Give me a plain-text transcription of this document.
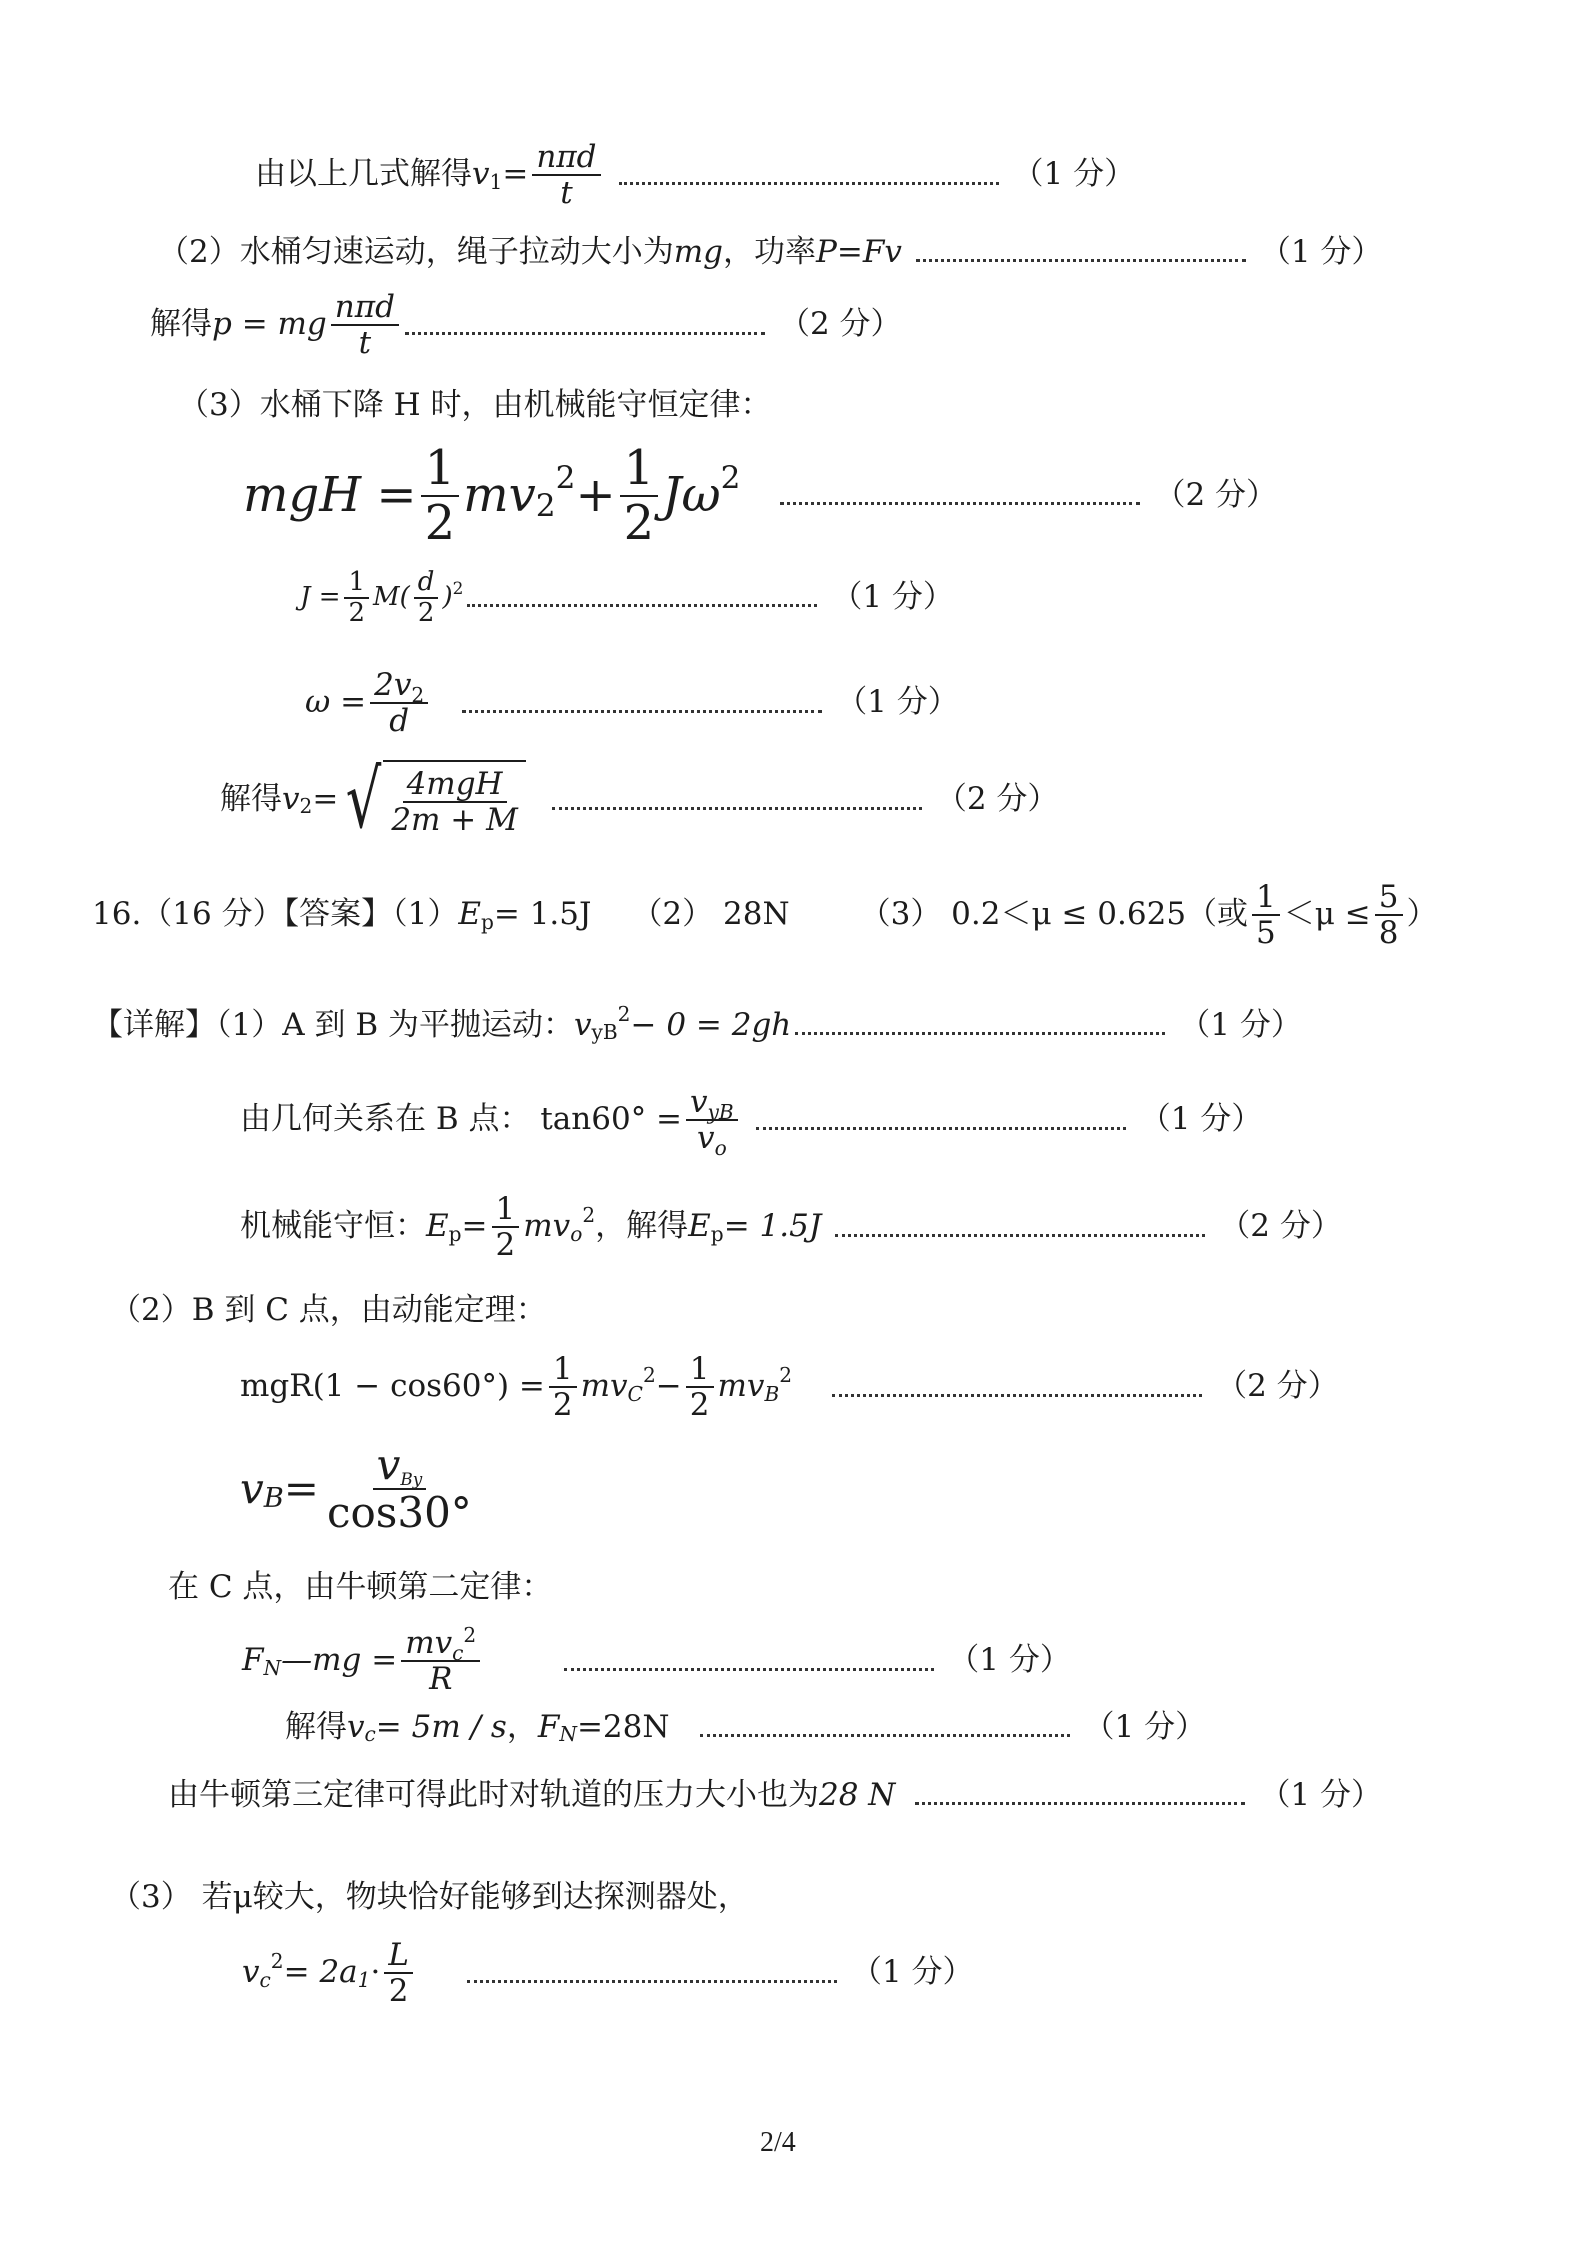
由以上几式解得 v $1 = \frac{\text{nπd}}{t}$	（1 分）
（2）水桶匀速运动，绳子拉动大小为 mg ，功率 P=Fv	（1 分）
解得 p = mg $\frac{\text{nπd}}{t}$	（2 分）
（3）水桶下降 H 时，由机械能守恒定律：
mgH = $\frac{1}{2}$ mv 2
$2 + \frac{1}{2}$ Jω 2	（2 分）
$J = \frac{1}{2} M( \frac{d}{2}$ ) 2	（1 分）
$\omega = \frac{2v_2}{d}$	（1 分）
解得 v 2 = √ $\frac{\text{4mgH}}{2m + M}$	（2 分）
16.（16 分）【答案】（1） E p = 1.5J （2） 28N （3） 0.2＜μ ≤ 0.625（或 $\frac{1}{5} <\mu \le \frac{5}{8}$ ）
【详解】（1）A 到 B 为平抛运动： v yB
2 − 0 = 2gh	（1 分）
由几何关系在 B 点： $\tan 60^\circ = \frac{v_{yB}}{v_o}$	（1 分）
机械能守恒： E $p = \frac{1}{2}$ mv o
2 ，解得 E p = 1.5J	（2 分）
（2）B 到 C 点，由动能定理：
$mgR(1 - \cos 60^\circ) = \frac{1}{2}$ mv C
$2 - \frac{1}{2}$ mv B
2	（2 分）
v $B = \frac{\text{vBy}}{\cos 30^\circ}$
在 C 点，由牛顿第二定律：
F N —mg = $\frac{mv_c^2}{R}$	（1 分）
解得 v c = 5m / s ， F N =28N	（1 分）
由牛顿第三定律可得此时对轨道的压力大小也为 28 N	（1 分）
（3） 若μ较大，物块恰好能够到达探测器处，
v c
2 = 2a $1 \cdot \frac{L}{2}$	（1 分）
2/4
